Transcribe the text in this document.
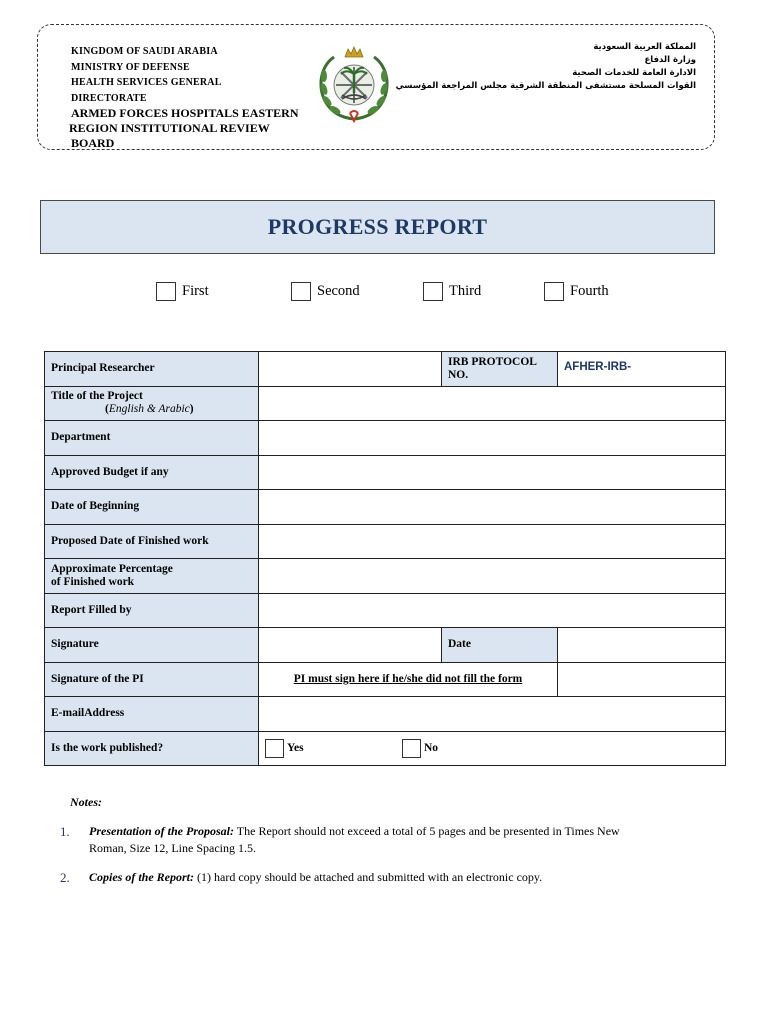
KINGDOM OF SAUDI ARABIA
MINISTRY OF DEFENSE
HEALTH SERVICES GENERAL
DIRECTORATE
ARMED FORCES HOSPITALS EASTERN
REGION INSTITUTIONAL REVIEW
BOARD
المملكة العربية السعودية
وزارة الدفاع
الادارة العامة للخدمات الصحية
القوات المسلحة مستشفى المنطقة الشرقية مجلس المراجعة المؤسسي
PROGRESS REPORT
First	Second	Third	Fourth
Principal Researcher		IRB PROTOCOL NO.	AFHER-IRB-
Title of the Project
(English & Arabic)			

Department			
Approved Budget if any			
Date of Beginning			
Proposed Date of Finished work			

Approximate Percentage
of Finished work			

Report Filled by			
Signature		Date	
Signature of the PI	PI must sign here if he/she did not fill the form		
E-mailAddress			
Is the work published?	Yes No		
Notes:
1. Presentation of the Proposal: The Report should not exceed a total of 5 pages and be presented in Times New Roman, Size 12, Line Spacing 1.5.
2. Copies of the Report: (1) hard copy should be attached and submitted with an electronic copy.
